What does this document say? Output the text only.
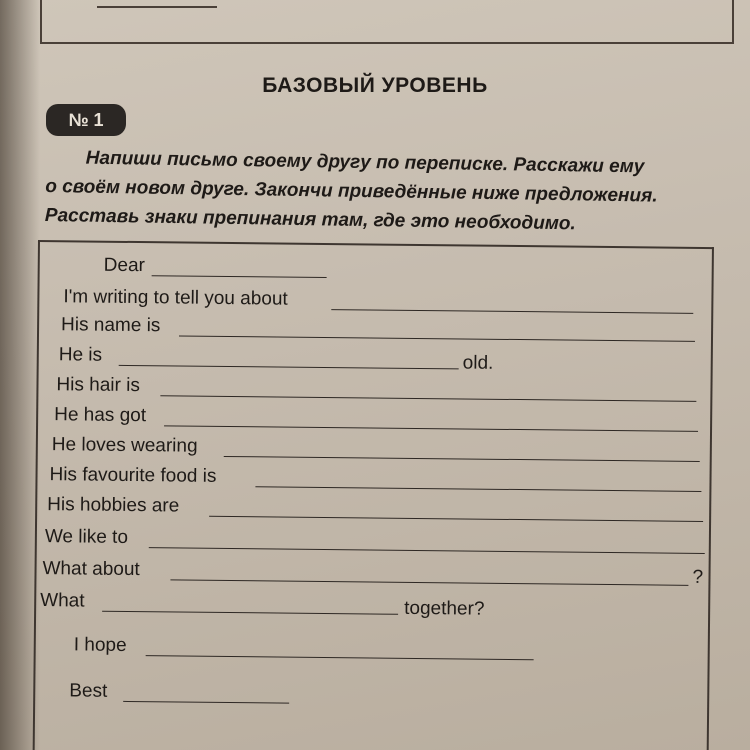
БАЗОВЫЙ УРОВЕНЬ
№ 1
Напиши письмо своему другу по переписке. Расскажи ему
о своём новом друге. Закончи приведённые ниже предложения.
Расставь знаки препинания там, где это необходимо.
Dear
I'm writing to tell you about
His name is
He is	old.
His hair is
He has got
He loves wearing
His favourite food is
His hobbies are
We like to
What about	?
What	together?
I hope
Best
